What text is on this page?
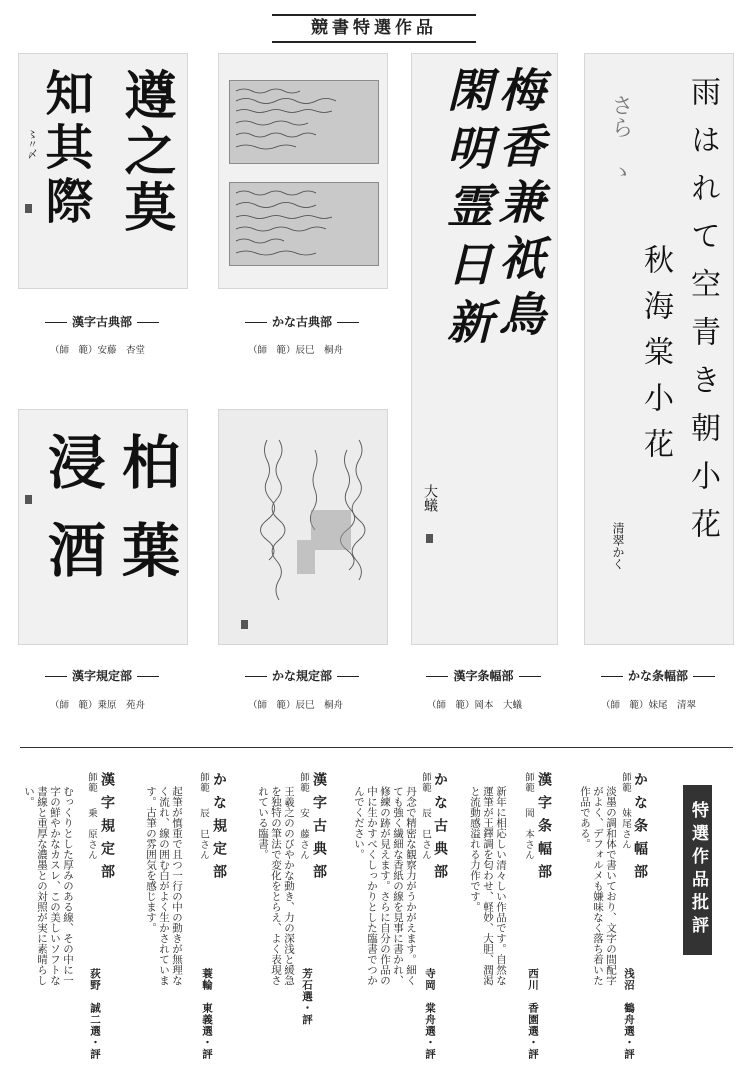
競書特選作品
遵之莫
知其際
〻〃〆
漢字古典部
（師　範）安藤　杏堂
かな古典部
（師　範）辰巳　桐舟
梅香兼祇鳥
閑明霊日新
大蟻
漢字条幅部
（師　範）岡本　大蟻
雨はれて空青き朝小花
秋海棠小花
さら　ゝ
清翠かく
かな条幅部
（師　範）妹尾　清翠
柏葉
浸酒
漢字規定部
（師　範）乗原　苑舟
かな規定部
（師　範）辰巳　桐舟
特選作品批評
かな条幅部
師範
妹尾さん
淡墨の調和体で書いており、文字の間配字がよく、デフォルメも嫌味なく落ち着いた作品である。
浅沼　鶴舟選・評
漢字条幅部
師範
岡　本さん
新年に相応しい清々しい作品です。自然な運筆が王鐸調を匂わせ、軽妙、大胆、潤渇と流動感溢れる力作です。
西川　香園選・評
かな古典部
師範
辰　巳さん
丹念で精密な観察力がうかがえます。細くても強く繊細な香紙の線を見事に書かれ、修練の跡が見えます。さらに自分の作品の中に生かすべくしっかりとした臨書でつかんでください。
寺岡　棠舟選・評
漢字古典部
師範
安　藤さん
王羲之ののびやかな動き、力の深浅と緩急を独特の筆法で変化をとらえ、よく表現されている臨書。
芳石選・評
かな規定部
師範
辰　巳さん
起筆が慎重で且つ一行の中の動きが無理なく流れ、線の囲む白がよく生かされています。古筆の雰囲気を感じます。
蓑輪　東義選・評
漢字規定部
師範
乗　原さん
むっくりとした厚みのある線、その中に一字の鮮やかなカスレ、この美しいソフトな書線と重厚な濃墨との対照が実に素晴らしい。
荻野　誠二選・評
